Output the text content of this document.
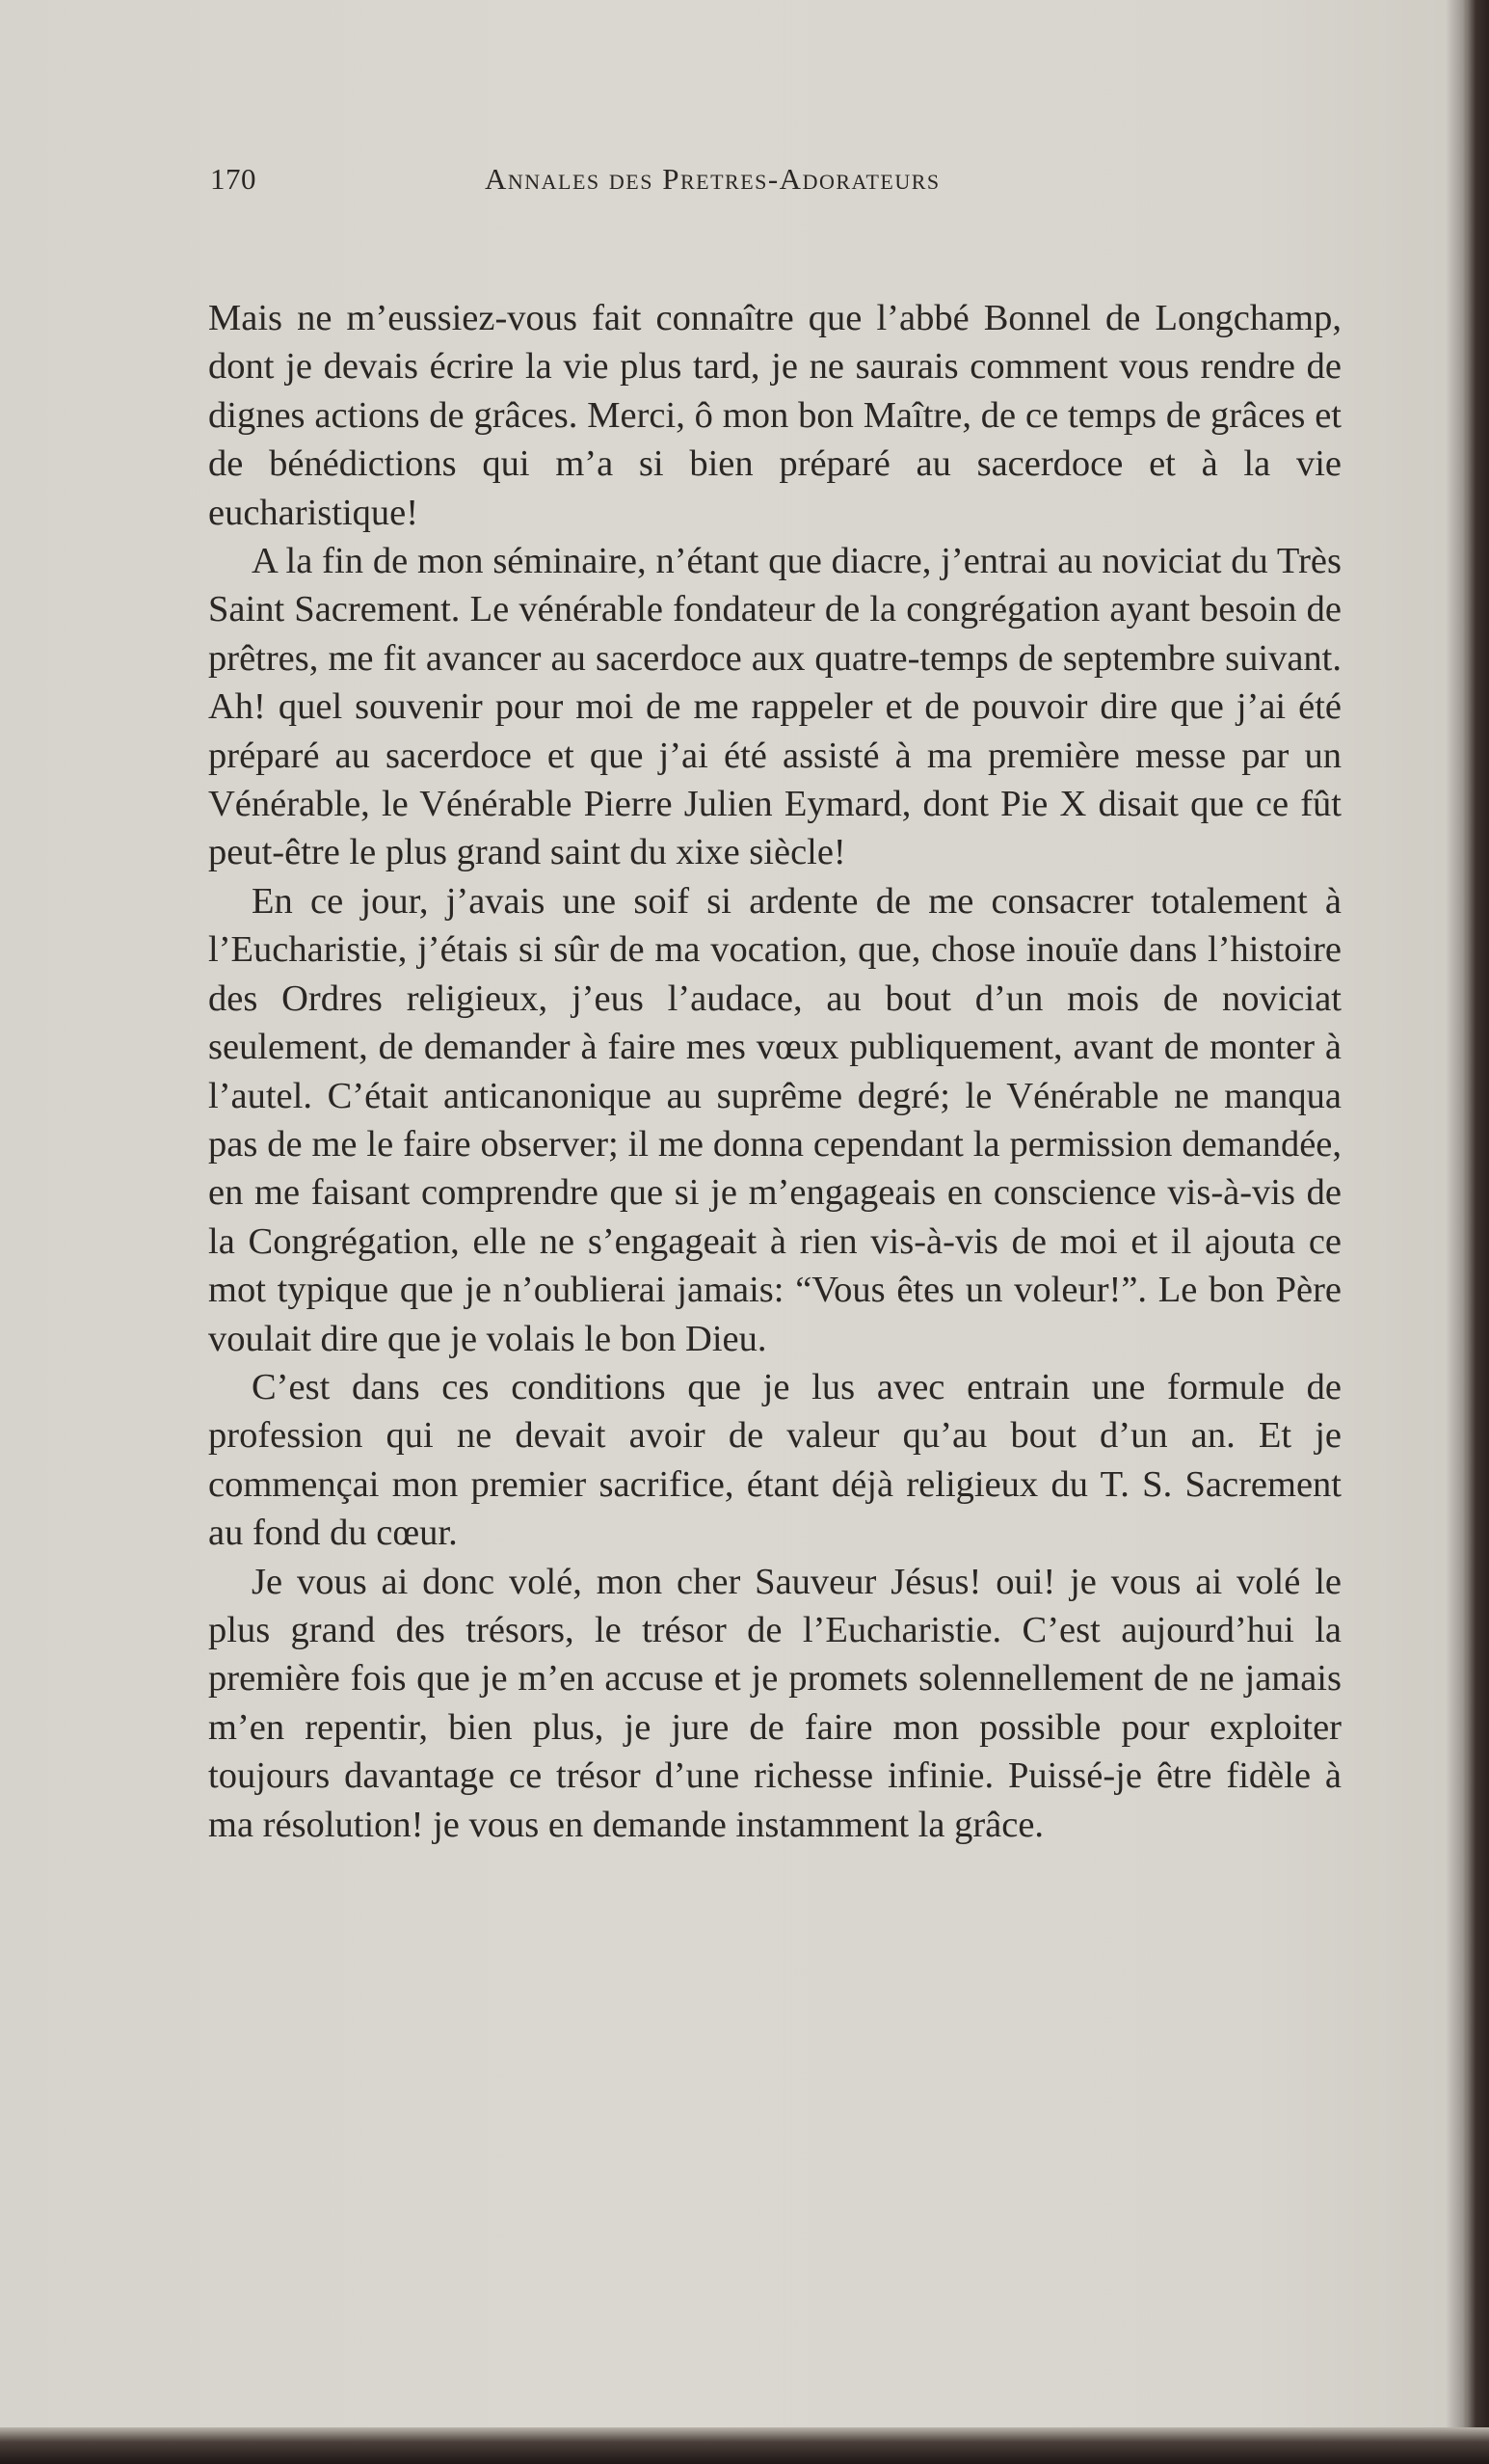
170	Annales des Pretres-Adorateurs

Mais ne m’eussiez-vous fait connaître que l’abbé Bonnel de Longchamp, dont je devais écrire la vie plus tard, je ne saurais comment vous rendre de dignes actions de grâces. Merci, ô mon bon Maître, de ce temps de grâces et de bénédictions qui m’a si bien préparé au sacerdoce et à la vie eucharistique!

A la fin de mon séminaire, n’étant que diacre, j’entrai au noviciat du Très Saint Sacrement. Le vénérable fondateur de la congrégation ayant besoin de prêtres, me fit avancer au sacerdoce aux quatre-temps de septembre suivant. Ah! quel souvenir pour moi de me rappeler et de pouvoir dire que j’ai été préparé au sacerdoce et que j’ai été assisté à ma première messe par un Vénérable, le Vénérable Pierre Julien Eymard, dont Pie X disait que ce fût peut-être le plus grand saint du xixe siècle!

En ce jour, j’avais une soif si ardente de me consacrer totalement à l’Eucharistie, j’étais si sûr de ma vocation, que, chose inouïe dans l’histoire des Ordres religieux, j’eus l’audace, au bout d’un mois de noviciat seulement, de demander à faire mes vœux publiquement, avant de monter à l’autel. C’était anticanonique au suprême degré; le Vénérable ne manqua pas de me le faire observer; il me donna cependant la permission demandée, en me faisant comprendre que si je m’engageais en conscience vis-à-vis de la Congrégation, elle ne s’engageait à rien vis-à-vis de moi et il ajouta ce mot typique que je n’oublierai jamais: “Vous êtes un voleur!”. Le bon Père voulait dire que je volais le bon Dieu.

C’est dans ces conditions que je lus avec entrain une formule de profession qui ne devait avoir de valeur qu’au bout d’un an. Et je commençai mon premier sacrifice, étant déjà religieux du T. S. Sacrement au fond du cœur.

Je vous ai donc volé, mon cher Sauveur Jésus! oui! je vous ai volé le plus grand des trésors, le trésor de l’Eucharistie. C’est aujourd’hui la première fois que je m’en accuse et je promets solennellement de ne jamais m’en repentir, bien plus, je jure de faire mon possible pour exploiter toujours davantage ce trésor d’une richesse infinie. Puissé-je être fidèle à ma résolution! je vous en demande instamment la grâce.
